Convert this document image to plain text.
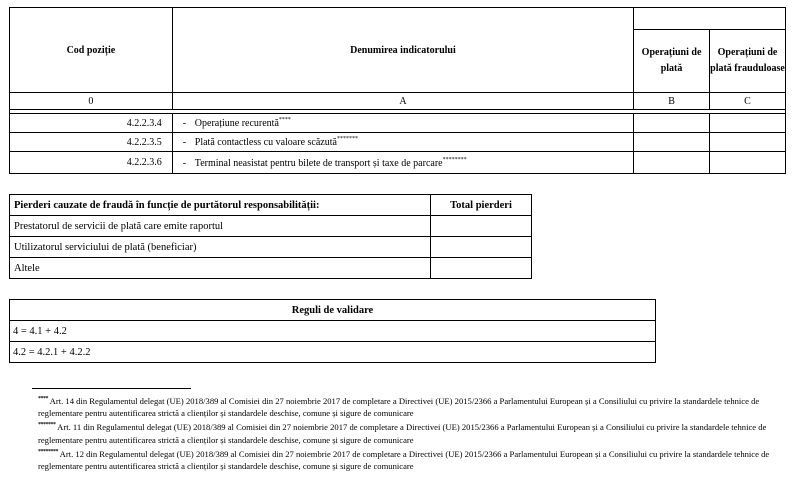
Cod poziție	Denumirea indicatorului		
		Operațiuni de plată	Operațiuni de plată frauduloase
0	A	B	C

4.2.2.3.4	- Operațiune recurentă****		
4.2.2.3.5	- Plată contactless cu valoare scăzută*******		
4.2.2.3.6	- Terminal neasistat pentru bilete de transport și taxe de parcare********		
Pierderi cauzate de fraudă în funcție de purtătorul responsabilității:	Total pierderi
Prestatorul de servicii de plată care emite raportul	
Utilizatorul serviciului de plată (beneficiar)	
Altele	
Reguli de validare
4 = 4.1 + 4.2
4.2 = 4.2.1 + 4.2.2
**** Art. 14 din Regulamentul delegat (UE) 2018/389 al Comisiei din 27 noiembrie 2017 de completare a Directivei (UE) 2015/2366 a Parlamentului European și a Consiliului cu privire la standardele tehnice de reglementare pentru autentificarea strictă a clienților și standardele deschise, comune și sigure de comunicare
******* Art. 11 din Regulamentul delegat (UE) 2018/389 al Comisiei din 27 noiembrie 2017 de completare a Directivei (UE) 2015/2366 a Parlamentului European și a Consiliului cu privire la standardele tehnice de reglementare pentru autentificarea strictă a clienților și standardele deschise, comune și sigure de comunicare
******** Art. 12 din Regulamentul delegat (UE) 2018/389 al Comisiei din 27 noiembrie 2017 de completare a Directivei (UE) 2015/2366 a Parlamentului European și a Consiliului cu privire la standardele tehnice de reglementare pentru autentificarea strictă a clienților și standardele deschise, comune și sigure de comunicare
